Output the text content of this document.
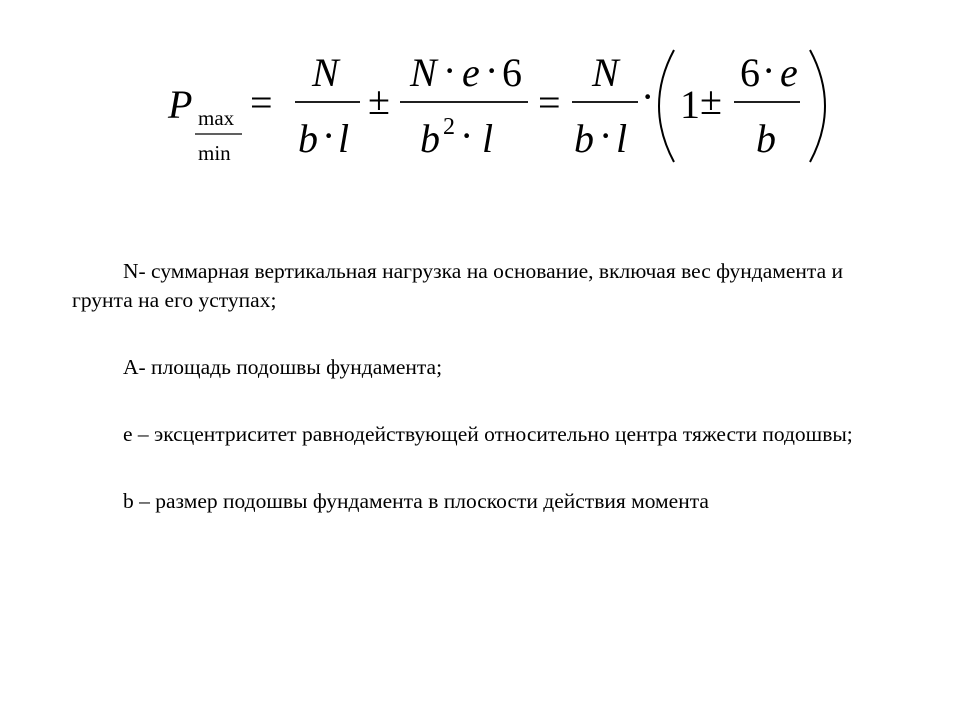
P max
min
=
N
b · l
±
N · e · 6
b 2 · l
=
N
b · l
· 1 ±
6 · e
b

N- суммарная вертикальная нагрузка на основание, включая вес фундамента и грунта на его уступах;

А- площадь подошвы фундамента;

е – эксцентриситет равнодействующей относительно центра тяжести подошвы;

b – размер подошвы фундамента в плоскости действия момента
